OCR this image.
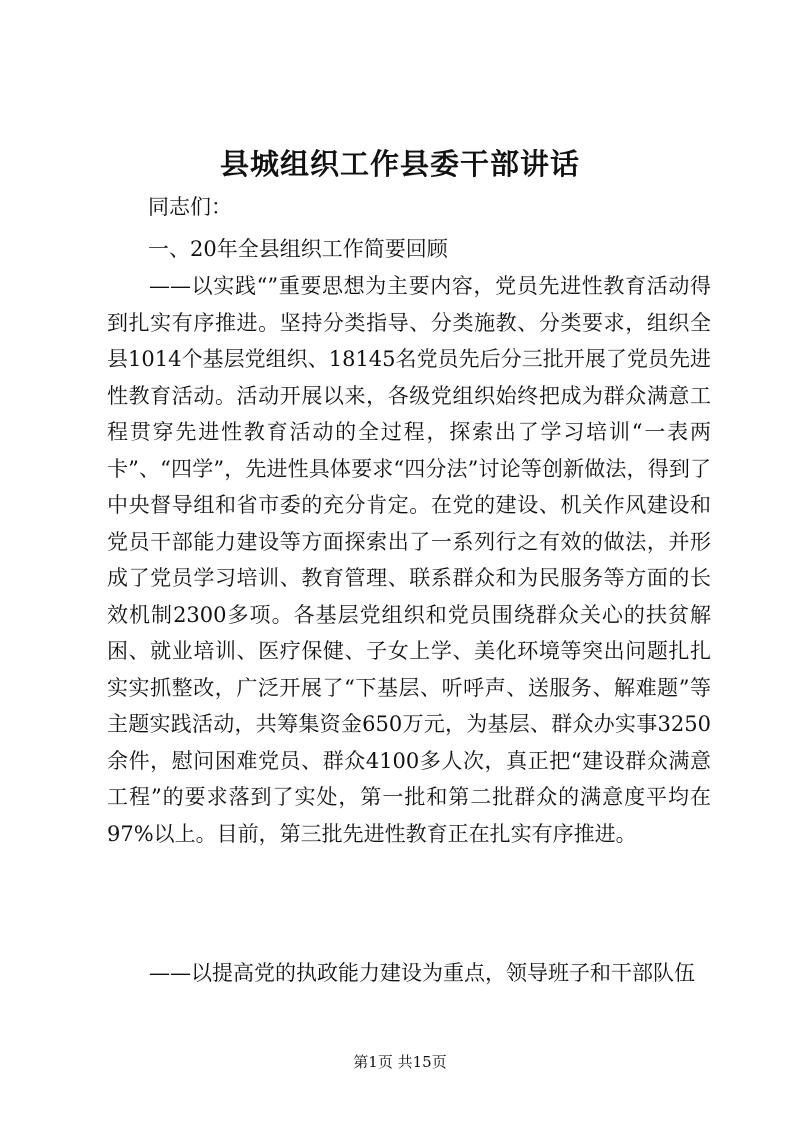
县城组织工作县委干部讲话

同志们：

一、20年全县组织工作简要回顾

——以实践“”重要思想为主要内容，党员先进性教育活动得到扎实有序推进。坚持分类指导、分类施教、分类要求，组织全县1014个基层党组织、18145名党员先后分三批开展了党员先进性教育活动。活动开展以来，各级党组织始终把成为群众满意工程贯穿先进性教育活动的全过程，探索出了学习培训“一表两卡”、“四学”，先进性具体要求“四分法”讨论等创新做法，得到了中央督导组和省市委的充分肯定。在党的建设、机关作风建设和党员干部能力建设等方面探索出了一系列行之有效的做法，并形成了党员学习培训、教育管理、联系群众和为民服务等方面的长效机制2300多项。各基层党组织和党员围绕群众关心的扶贫解困、就业培训、医疗保健、子女上学、美化环境等突出问题扎扎实实抓整改，广泛开展了“下基层、听呼声、送服务、解难题”等主题实践活动，共筹集资金650万元，为基层、群众办实事3250余件，慰问困难党员、群众4100多人次，真正把“建设群众满意工程”的要求落到了实处，第一批和第二批群众的满意度平均在97%以上。目前，第三批先进性教育正在扎实有序推进。

——以提高党的执政能力建设为重点，领导班子和干部队伍

第1页 共15页
